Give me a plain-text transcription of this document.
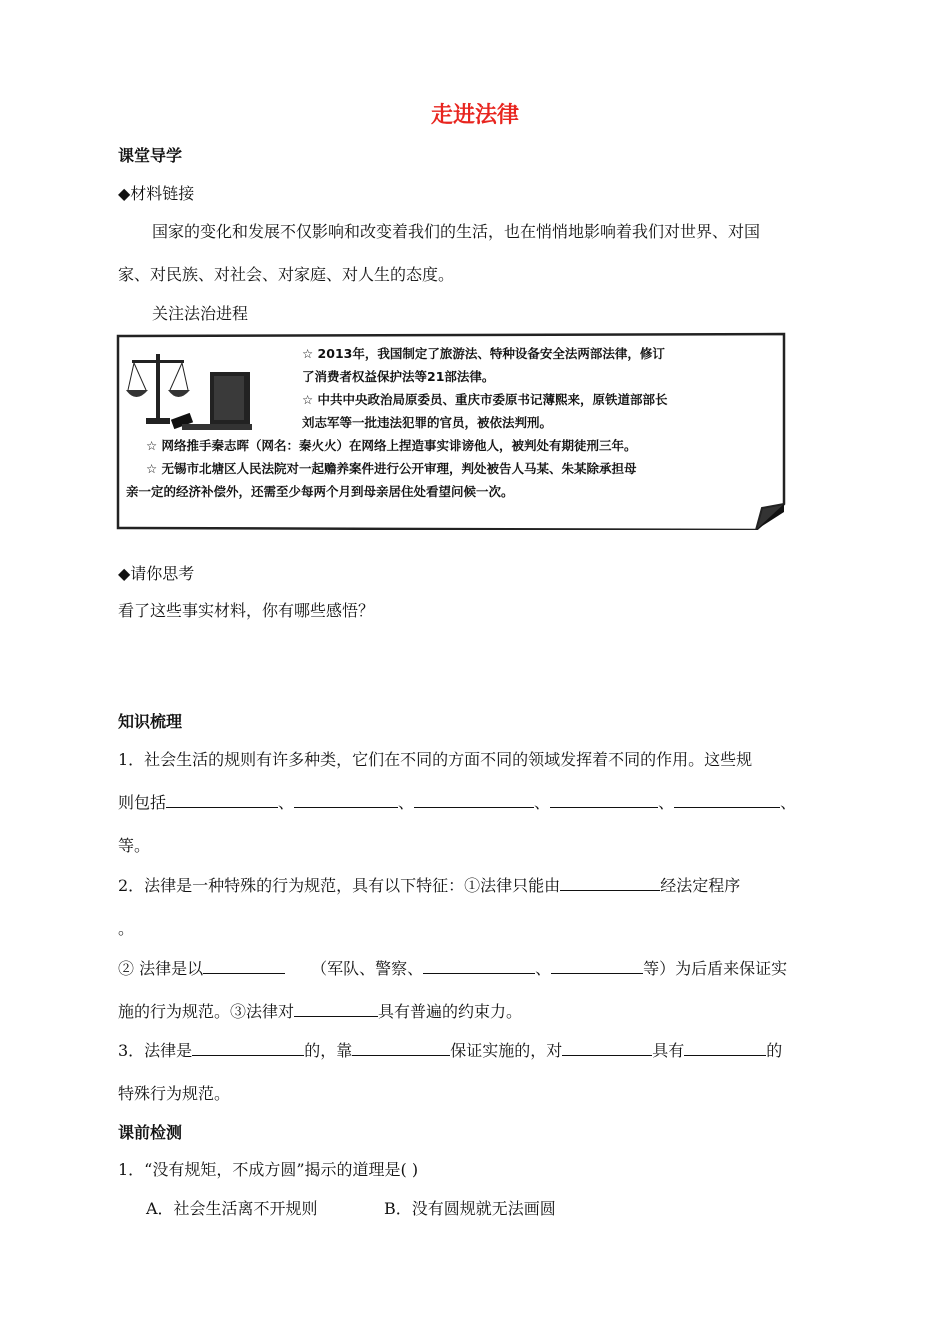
走进法律
课堂导学
◆材料链接
国家的变化和发展不仅影响和改变着我们的生活，也在悄悄地影响着我们对世界、对国
家、对民族、对社会、对家庭、对人生的态度。
关注法治进程
☆ 2013年，我国制定了旅游法、特种设备安全法两部法律，修订
了消费者权益保护法等21部法律。
☆ 中共中央政治局原委员、重庆市委原书记薄熙来，原铁道部部长
刘志军等一批违法犯罪的官员，被依法判刑。
☆ 网络推手秦志晖（网名：秦火火）在网络上捏造事实诽谤他人，被判处有期徒刑三年。
☆ 无锡市北塘区人民法院对一起赡养案件进行公开审理，判处被告人马某、朱某除承担母
亲一定的经济补偿外，还需至少每两个月到母亲居住处看望问候一次。
◆请你思考
看了这些事实材料，你有哪些感悟？
知识梳理
1．社会生活的规则有许多种类，它们在不同的方面不同的领域发挥着不同的作用。这些规
则包括	、	、	、	、	、
等。
2．法律是一种特殊的行为规范，具有以下特征：①法律只能由	经法定程序
。
② 法律是以	（军队、警察、	、	等）为后盾来保证实
施的行为规范。③法律对	具有普遍的约束力。
3．法律是	的，靠	保证实施的，对	具有	的
特殊行为规范。
课前检测
1．“没有规矩，不成方圆”揭示的道理是( )
A．社会生活离不开规则	B．没有圆规就无法画圆
